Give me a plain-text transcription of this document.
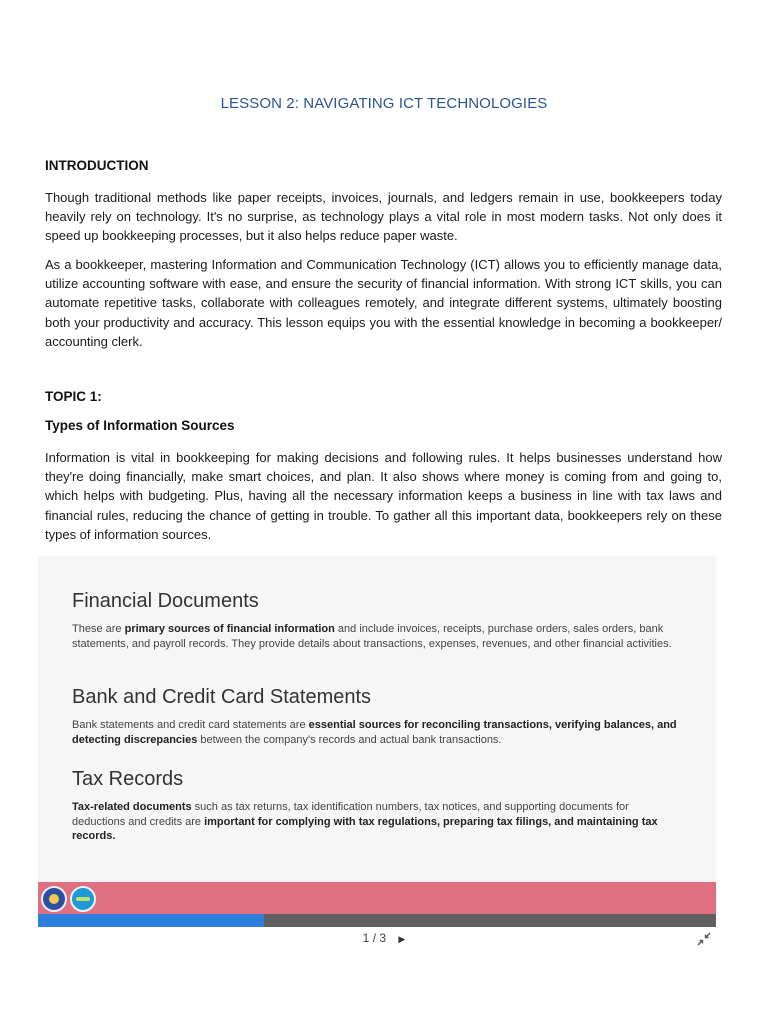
LESSON 2: NAVIGATING ICT TECHNOLOGIES
INTRODUCTION

Though traditional methods like paper receipts, invoices, journals, and ledgers remain in use, bookkeepers today heavily rely on technology. It's no surprise, as technology plays a vital role in most modern tasks. Not only does it speed up bookkeeping processes, but it also helps reduce paper waste.

As a bookkeeper, mastering Information and Communication Technology (ICT) allows you to efficiently manage data, utilize accounting software with ease, and ensure the security of financial information. With strong ICT skills, you can automate repetitive tasks, collaborate with colleagues remotely, and integrate different systems, ultimately boosting both your productivity and accuracy. This lesson equips you with the essential knowledge in becoming a bookkeeper/ accounting clerk.

TOPIC 1:
Types of Information Sources

Information is vital in bookkeeping for making decisions and following rules. It helps businesses understand how they're doing financially, make smart choices, and plan. It also shows where money is coming from and going to, which helps with budgeting. Plus, having all the necessary information keeps a business in line with tax laws and financial rules, reducing the chance of getting in trouble. To gather all this important data, bookkeepers rely on these types of information sources.

Financial Documents

These are primary sources of financial information and include invoices, receipts, purchase orders, sales orders, bank statements, and payroll records. They provide details about transactions, expenses, revenues, and other financial activities.

Bank and Credit Card Statements

Bank statements and credit card statements are essential sources for reconciling transactions, verifying balances, and detecting discrepancies between the company's records and actual bank transactions.

Tax Records

Tax-related documents such as tax returns, tax identification numbers, tax notices, and supporting documents for deductions and credits are important for complying with tax regulations, preparing tax filings, and maintaining tax records.

1 / 3 ▶
